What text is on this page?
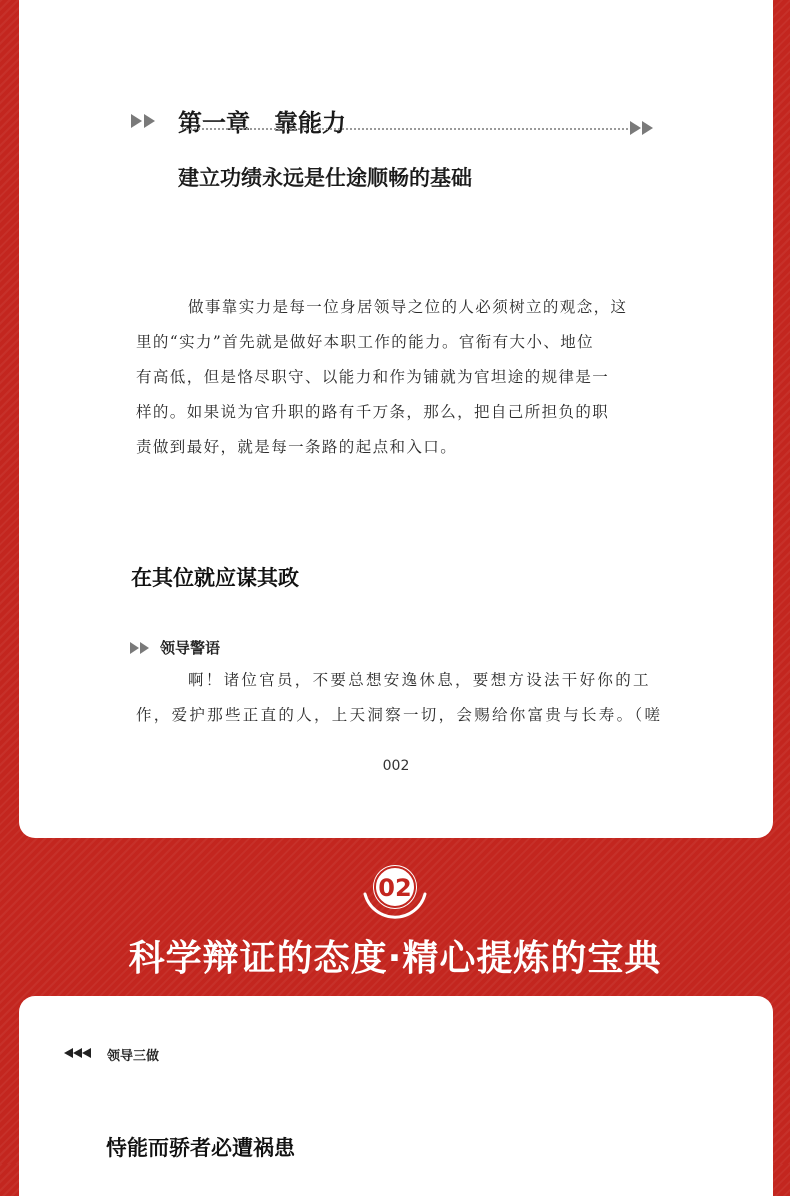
第一章　靠能力
建立功绩永远是仕途顺畅的基础
做事靠实力是每一位身居领导之位的人必须树立的观念，这
里的“实力”首先就是做好本职工作的能力。官衔有大小、地位
有高低，但是恪尽职守、以能力和作为铺就为官坦途的规律是一
样的。如果说为官升职的路有千万条，那么，把自己所担负的职
责做到最好，就是每一条路的起点和入口。
在其位就应谋其政
领导警语
啊！诸位官员，不要总想安逸休息，要想方设法干好你的工
作，爱护那些正直的人，上天洞察一切，会赐给你富贵与长寿。（嗟
002
02
科学辩证的态度·精心提炼的宝典
领导三做
恃能而骄者必遭祸患
